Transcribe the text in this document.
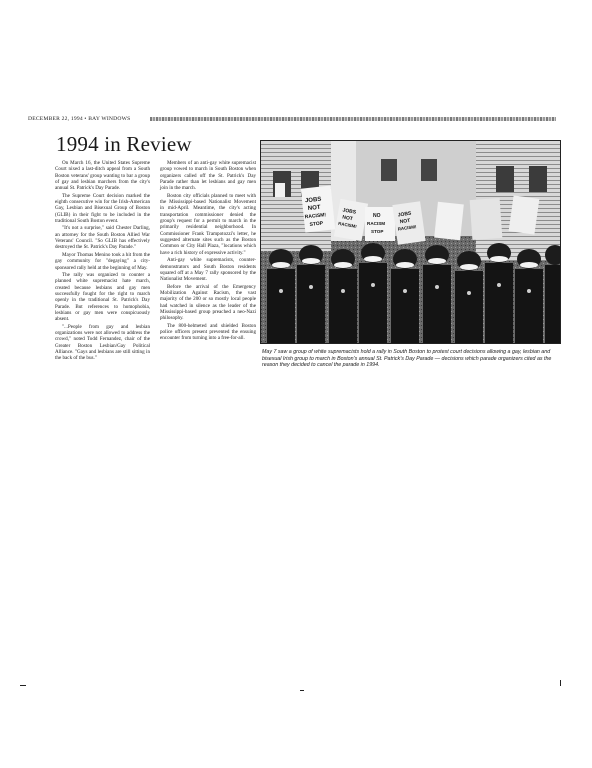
DECEMBER 22, 1994 • BAY WINDOWS
1994 in Review

On March 16, the United States Supreme Court nixed a last-ditch appeal from a South Boston veterans' group wanting to bar a group of gay and lesbian marchers from the city's annual St. Patrick's Day Parade.

The Supreme Court decision marked the eighth consecutive win for the Irish-American Gay, Lesbian and Bisexual Group of Boston (GLIB) in their fight to be included in the traditional South Boston event.

"It's not a surprise," said Chester Darling, an attorney for the South Boston Allied War Veterans' Council. "So GLIB has effectively destroyed the St. Patrick's Day Parade."

Mayor Thomas Menino took a hit from the gay community for "degaying" a city-sponsored rally held at the beginning of May.

The rally was organized to counter a planned white supremacist hate march, created because lesbians and gay men successfully fought for the right to march openly in the traditional St. Patrick's Day Parade. But references to homophobia, lesbians or gay men were conspicuously absent.

"...People from gay and lesbian organizations were not allowed to address the crowd," noted Todd Fernandez, chair of the Greater Boston Lesbian/Gay Political Alliance. "Gays and lesbians are still sitting in the back of the bus."

Members of an anti-gay white supremacist group vowed to march in South Boston when organizers called off the St. Patrick's Day Parade rather than let lesbians and gay men join in the march.

Boston city officials planned to meet with the Mississippi-based Nationalist Movement in mid-April. Meantime, the city's acting transportation commissioner denied the group's request for a permit to march in the primarily residential neighborhood. In Commissioner Frank Trampotozzi's letter, he suggested alternate sites such as the Boston Common or City Hall Plaza, "locations which have a rich history of expressive activity."

Anti-gay white supremacists, counter-demonstrators and South Boston residents squared off at a May 7 rally sponsored by the Nationalist Movement.

Before the arrival of the Emergency Mobilization Against Racism, the vast majority of the 200 or so mostly local people had watched in silence as the leader of the Mississippi-based group preached a neo-Nazi philosophy.

The 800-helmeted and shielded Boston police officers present prevented the ensuing encounter from turning into a free-for-all.

JOBS
NOT
RACISM!
STOP
JOBS
NOT
RACISM!
NO
RACISM
STOP
JOBS
NOT
RACISM!
May 7 saw a group of white supremacists hold a rally in South Boston to protest court decisions allowing a gay, lesbian and bisexual Irish group to march in Boston's annual St. Patrick's Day Parade — decisions which parade organizers cited as the reason they decided to cancel the parade in 1994.
